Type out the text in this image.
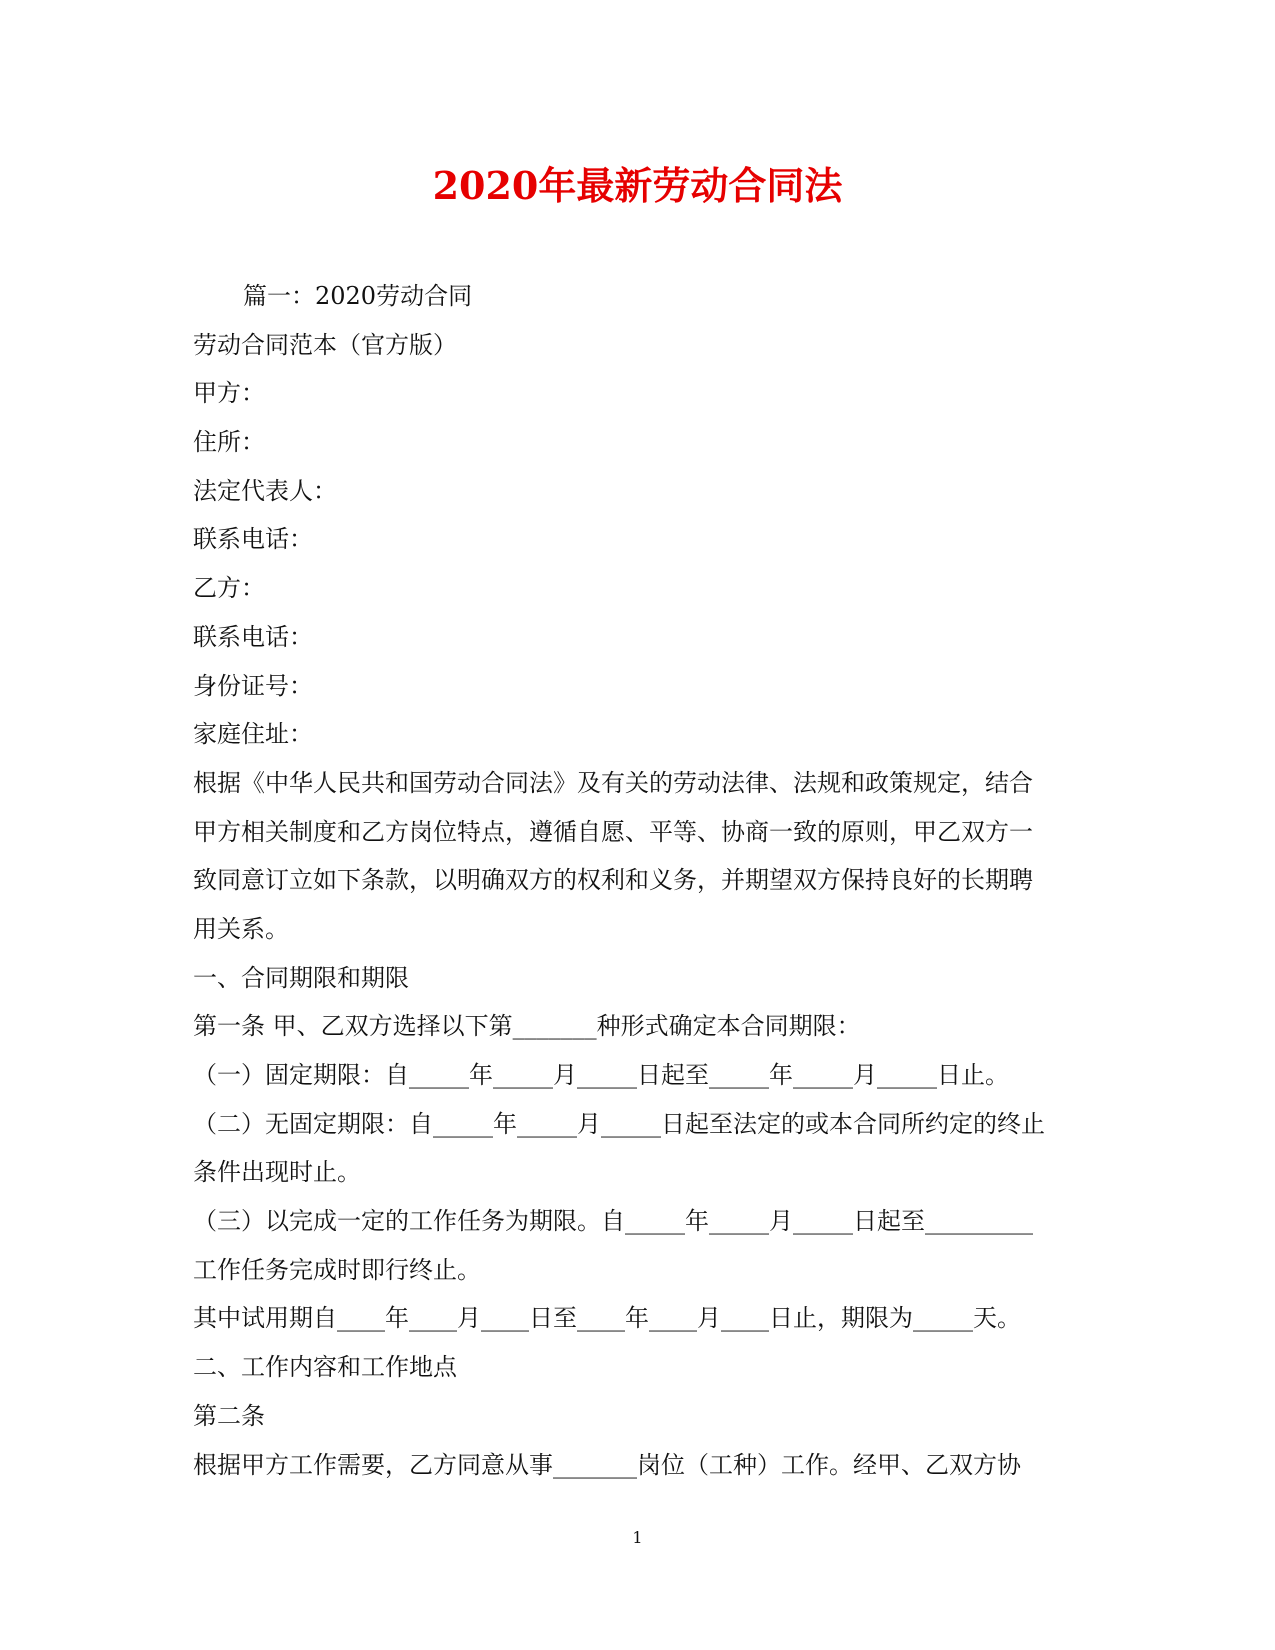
2020年最新劳动合同法

篇一：2020劳动合同

劳动合同范本（官方版）

甲方：

住所：

法定代表人：

联系电话：

乙方：

联系电话：

身份证号：

家庭住址：

根据《中华人民共和国劳动合同法》及有关的劳动法律、法规和政策规定，结合

甲方相关制度和乙方岗位特点，遵循自愿、平等、协商一致的原则，甲乙双方一

致同意订立如下条款，以明确双方的权利和义务，并期望双方保持良好的长期聘

用关系。

一、合同期限和期限

第一条 甲、乙双方选择以下第_______种形式确定本合同期限：

（一）固定期限：自_____年_____月_____日起至_____年_____月_____日止。

（二）无固定期限：自_____年_____月_____日起至法定的或本合同所约定的终止

条件出现时止。

（三）以完成一定的工作任务为期限。自_____年_____月_____日起至_________

工作任务完成时即行终止。

其中试用期自____年____月____日至____年____月____日止，期限为_____天。

二、工作内容和工作地点

第二条

根据甲方工作需要，乙方同意从事_______岗位（工种）工作。经甲、乙双方协

1
